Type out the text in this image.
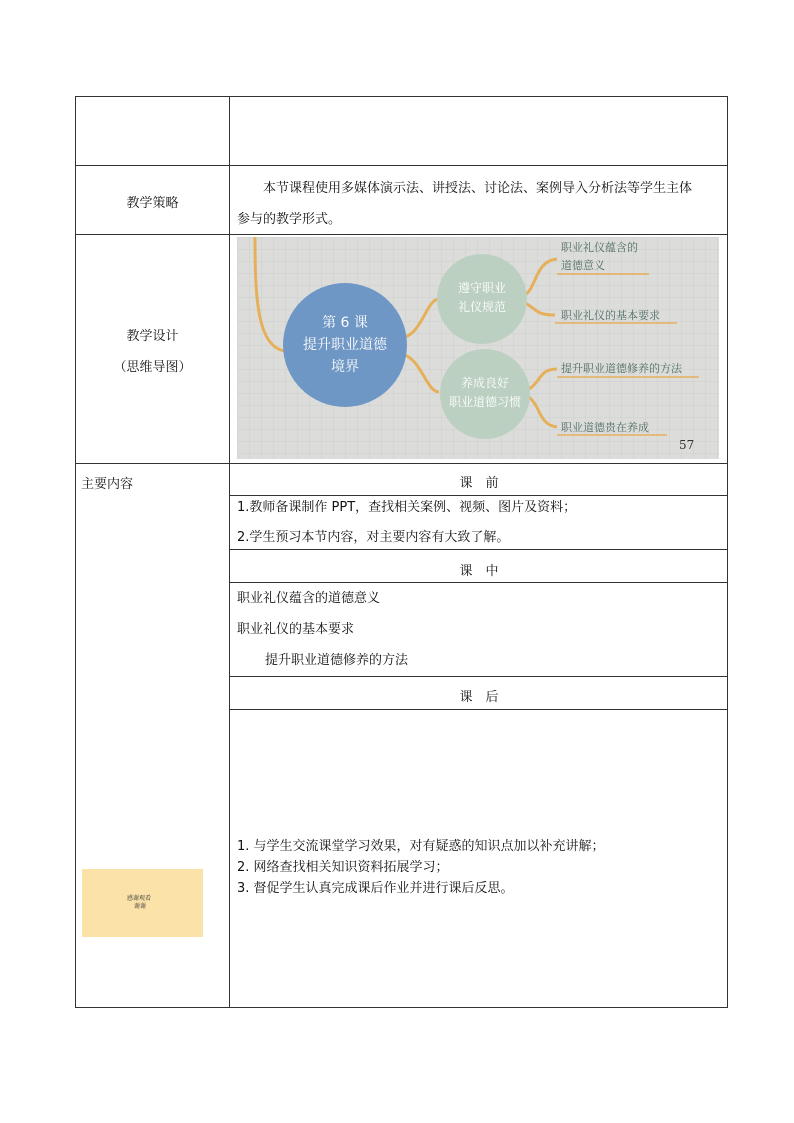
教学策略
本节课程使用多媒体演示法、讲授法、讨论法、案例导入分析法等学生主体
参与的教学形式。
教学设计
（思维导图）
第 6 课
提升职业道德
境界
遵守职业
礼仪规范
养成良好
职业道德习惯
职业礼仪蕴含的
道德意义
职业礼仪的基本要求
提升职业道德修养的方法
职业道德贵在养成
57
主要内容	课　前
1.教师备课制作 PPT，查找相关案例、视频、图片及资料；
2.学生预习本节内容，对主要内容有大致了解。
课　中
职业礼仪蕴含的道德意义
职业礼仪的基本要求
提升职业道德修养的方法
课　后
1. 与学生交流课堂学习效果，对有疑惑的知识点加以补充讲解；
2. 网络查找相关知识资料拓展学习；
3. 督促学生认真完成课后作业并进行课后反思。
感谢观看
谢谢
